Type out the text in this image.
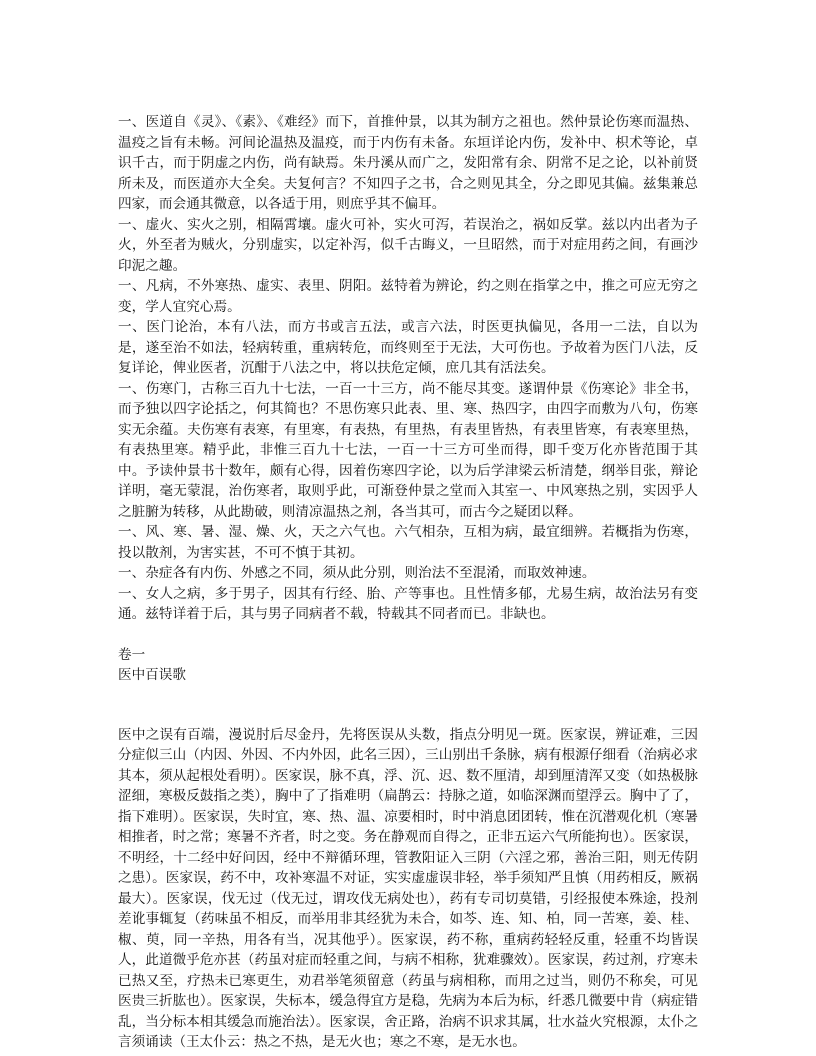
一、医道自《灵》、《素》、《难经》而下，首推仲景，以其为制方之祖也。然仲景论伤寒而温热、温疫之旨有未畅。河间论温热及温疫，而于内伤有未备。东垣详论内伤，发补中、枳术等论，卓识千古，而于阴虚之内伤，尚有缺焉。朱丹溪从而广之，发阳常有余、阴常不足之论，以补前贤所未及，而医道亦大全矣。夫复何言？不知四子之书，合之则见其全，分之即见其偏。兹集兼总四家，而会通其微意，以各适于用，则庶乎其不偏耳。

一、虚火、实火之别，相隔霄壤。虚火可补，实火可泻，若误治之，祸如反掌。兹以内出者为子火，外至者为贼火，分别虚实，以定补泻，似千古晦义，一旦昭然，而于对症用药之间，有画沙印泥之趣。

一、凡病，不外寒热、虚实、表里、阴阳。兹特着为辨论，约之则在指掌之中，推之可应无穷之变，学人宜究心焉。

一、医门论治，本有八法，而方书或言五法，或言六法，时医更执偏见，各用一二法，自以为是，遂至治不如法，轻病转重，重病转危，而终则至于无法，大可伤也。予故着为医门八法，反复详论，俾业医者，沉酣于八法之中，将以扶危定倾，庶几其有活法矣。

一、伤寒门，古称三百九十七法，一百一十三方，尚不能尽其变。遂谓仲景《伤寒论》非全书，而予独以四字论括之，何其简也？不思伤寒只此表、里、寒、热四字，由四字而敷为八句，伤寒实无余蕴。夫伤寒有表寒，有里寒，有表热，有里热，有表里皆热，有表里皆寒，有表寒里热，有表热里寒。精乎此，非惟三百九十七法，一百一十三方可坐而得，即千变万化亦皆范围于其中。予读仲景书十数年，颇有心得，因着伤寒四字论，以为后学津梁云析清楚，纲举目张，辩论详明，毫无蒙混，治伤寒者，取则乎此，可渐登仲景之堂而入其室一、中风寒热之别，实因乎人之脏腑为转移，从此勘破，则清凉温热之剂，各当其可，而古今之疑团以释。

一、风、寒、暑、湿、燥、火，天之六气也。六气相杂，互相为病，最宜细辨。若概指为伤寒，投以散剂，为害实甚，不可不慎于其初。

一、杂症各有内伤、外感之不同，须从此分别，则治法不至混淆，而取效神速。

一、女人之病，多于男子，因其有行经、胎、产等事也。且性情多郁，尤易生病，故治法另有变通。兹特详着于后，其与男子同病者不载，特载其不同者而已。非缺也。

卷一

医中百误歌

医中之误有百端，漫说肘后尽金丹，先将医误从头数，指点分明见一斑。医家误，辨证难，三因分症似三山（内因、外因、不内外因，此名三因），三山别出千条脉，病有根源仔细看（治病必求其本，须从起根处看明）。医家误，脉不真，浮、沉、迟、数不厘清，却到厘清浑又变（如热极脉涩细，寒极反鼓指之类），胸中了了指难明（扁鹊云：持脉之道，如临深渊而望浮云。胸中了了，指下难明）。医家误，失时宜，寒、热、温、凉要相时，时中消息团团转，惟在沉潜观化机（寒暑相推者，时之常；寒暑不齐者，时之变。务在静观而自得之，正非五运六气所能拘也）。医家误，不明经，十二经中好问因，经中不辩循环理，管教阳证入三阴（六淫之邪，善治三阳，则无传阴之患）。医家误，药不中，攻补寒温不对证，实实虚虚误非轻，举手须知严且慎（用药相反，厥祸最大）。医家误，伐无过（伐无过，谓攻伐无病处也），药有专司切莫错，引经报使本殊途，投剂差讹事辄复（药味虽不相反，而举用非其经犹为未合，如芩、连、知、柏，同一苦寒，姜、桂、椒、萸，同一辛热，用各有当，况其他乎）。医家误，药不称，重病药轻轻反重，轻重不均皆误人，此道微乎危亦甚（药虽对症而轻重之间，与病不相称，犹难骤效）。医家误，药过剂，疗寒未已热又至，疗热未已寒更生，劝君举笔须留意（药虽与病相称，而用之过当，则仍不称矣，可见医贵三折肱也）。医家误，失标本，缓急得宜方是稳，先病为本后为标，纤悉几微要中肯（病症错乱，当分标本相其缓急而施治法）。医家误，舍正路，治病不识求其属，壮水益火究根源，太仆之言须诵读（王太仆云：热之不热，是无火也；寒之不寒，是无水也。
